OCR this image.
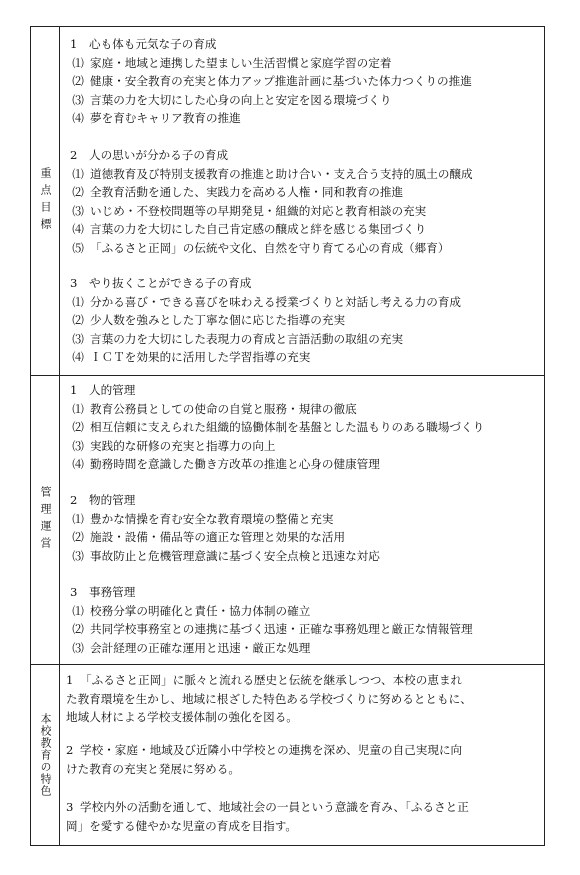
重点目標
1　心も体も元気な子の育成
⑴ 家庭・地域と連携した望ましい生活習慣と家庭学習の定着
⑵ 健康・安全教育の充実と体力アップ推進計画に基づいた体力つくりの推進
⑶ 言葉の力を大切にした心身の向上と安定を図る環境づくり
⑷ 夢を育むキャリア教育の推進
2　人の思いが分かる子の育成
⑴ 道徳教育及び特別支援教育の推進と助け合い・支え合う支持的風土の醸成
⑵ 全教育活動を通した、実践力を高める人権・同和教育の推進
⑶ いじめ・不登校問題等の早期発見・組織的対応と教育相談の充実
⑷ 言葉の力を大切にした自己肯定感の醸成と絆を感じる集団づくり
⑸ 「ふるさと正岡」の伝統や文化、自然を守り育てる心の育成（郷育）
3　やり抜くことができる子の育成
⑴ 分かる喜び・できる喜びを味わえる授業づくりと対話し考える力の育成
⑵ 少人数を強みとした丁寧な個に応じた指導の充実
⑶ 言葉の力を大切にした表現力の育成と言語活動の取組の充実
⑷ ＩＣＴを効果的に活用した学習指導の充実
管理運営
1　人的管理
⑴ 教育公務員としての使命の自覚と服務・規律の徹底
⑵ 相互信頼に支えられた組織的協働体制を基盤とした温もりのある職場づくり
⑶ 実践的な研修の充実と指導力の向上
⑷ 勤務時間を意識した働き方改革の推進と心身の健康管理
2　物的管理
⑴ 豊かな情操を育む安全な教育環境の整備と充実
⑵ 施設・設備・備品等の適正な管理と効果的な活用
⑶ 事故防止と危機管理意識に基づく安全点検と迅速な対応
3　事務管理
⑴ 校務分掌の明確化と責任・協力体制の確立
⑵ 共同学校事務室との連携に基づく迅速・正確な事務処理と厳正な情報管理
⑶ 会計経理の正確な運用と迅速・厳正な処理
本校教育の特色
1 「ふるさと正岡」に脈々と流れる歴史と伝統を継承しつつ、本校の恵まれ
た教育環境を生かし、地域に根ざした特色ある学校づくりに努めるとともに、
地域人材による学校支援体制の強化を図る。
2 学校・家庭・地域及び近隣小中学校との連携を深め、児童の自己実現に向
けた教育の充実と発展に努める。
3 学校内外の活動を通して、地域社会の一員という意識を育み、「ふるさと正
岡」を愛する健やかな児童の育成を目指す。
